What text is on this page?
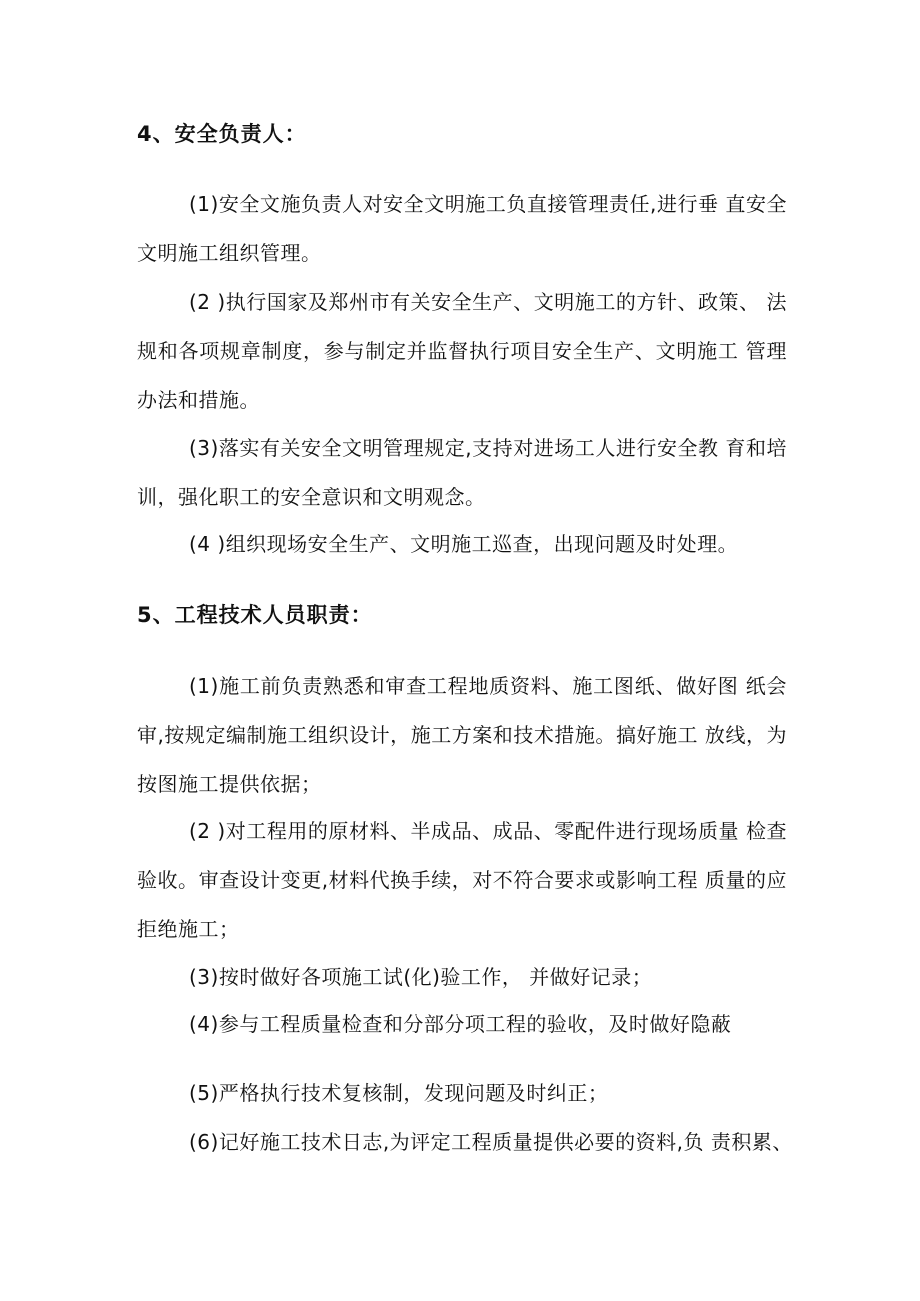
4、安全负责人：
(1)安全文施负责人对安全文明施工负直接管理责任,进行垂 直安全文明施工组织管理。
(2 )执行国家及郑州市有关安全生产、文明施工的方针、政策、 法规和各项规章制度，参与制定并监督执行项目安全生产、文明施工 管理办法和措施。
(3)落实有关安全文明管理规定,支持对进场工人进行安全教 育和培训，强化职工的安全意识和文明观念。
(4 )组织现场安全生产、文明施工巡查，出现问题及时处理。
5、工程技术人员职责：
(1)施工前负责熟悉和审查工程地质资料、施工图纸、做好图 纸会审,按规定编制施工组织设计，施工方案和技术措施。搞好施工 放线，为按图施工提供依据；
(2 )对工程用的原材料、半成品、成品、零配件进行现场质量 检查验收。审查设计变更,材料代换手续，对不符合要求或影响工程 质量的应拒绝施工；
(3)按时做好各项施工试(化)验工作， 并做好记录；
(4)参与工程质量检查和分部分项工程的验收，及时做好隐蔽
(5)严格执行技术复核制，发现问题及时纠正；
(6)记好施工技术日志,为评定工程质量提供必要的资料,负 责积累、
